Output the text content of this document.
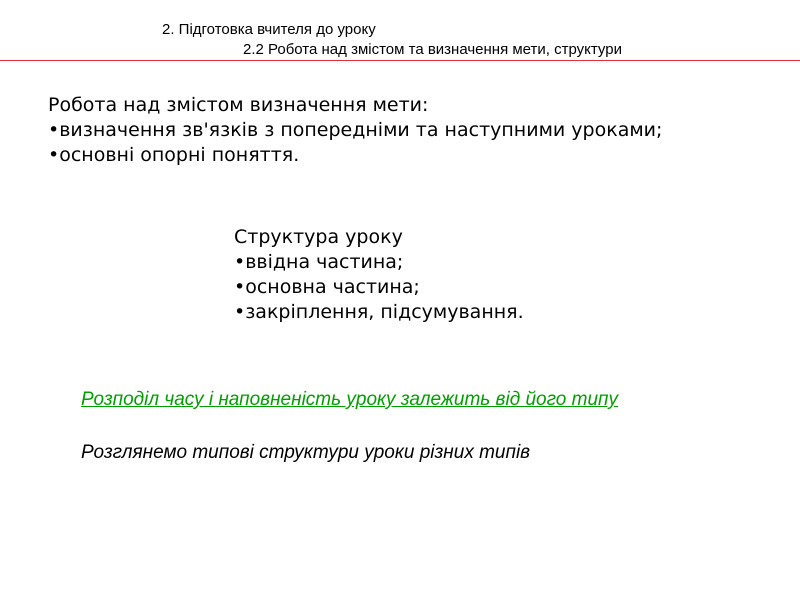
2. Підготовка вчителя до уроку
2.2 Робота над змістом та визначення мети, структури
Робота над змістом визначення мети:
•визначення зв'язків з попередніми та наступними уроками;
•основні опорні поняття.
Структура уроку
•ввідна частина;
•основна частина;
•закріплення, підсумування.
Розподіл часу і наповненість уроку залежить від його типу
Розглянемо типові структури уроки різних типів
